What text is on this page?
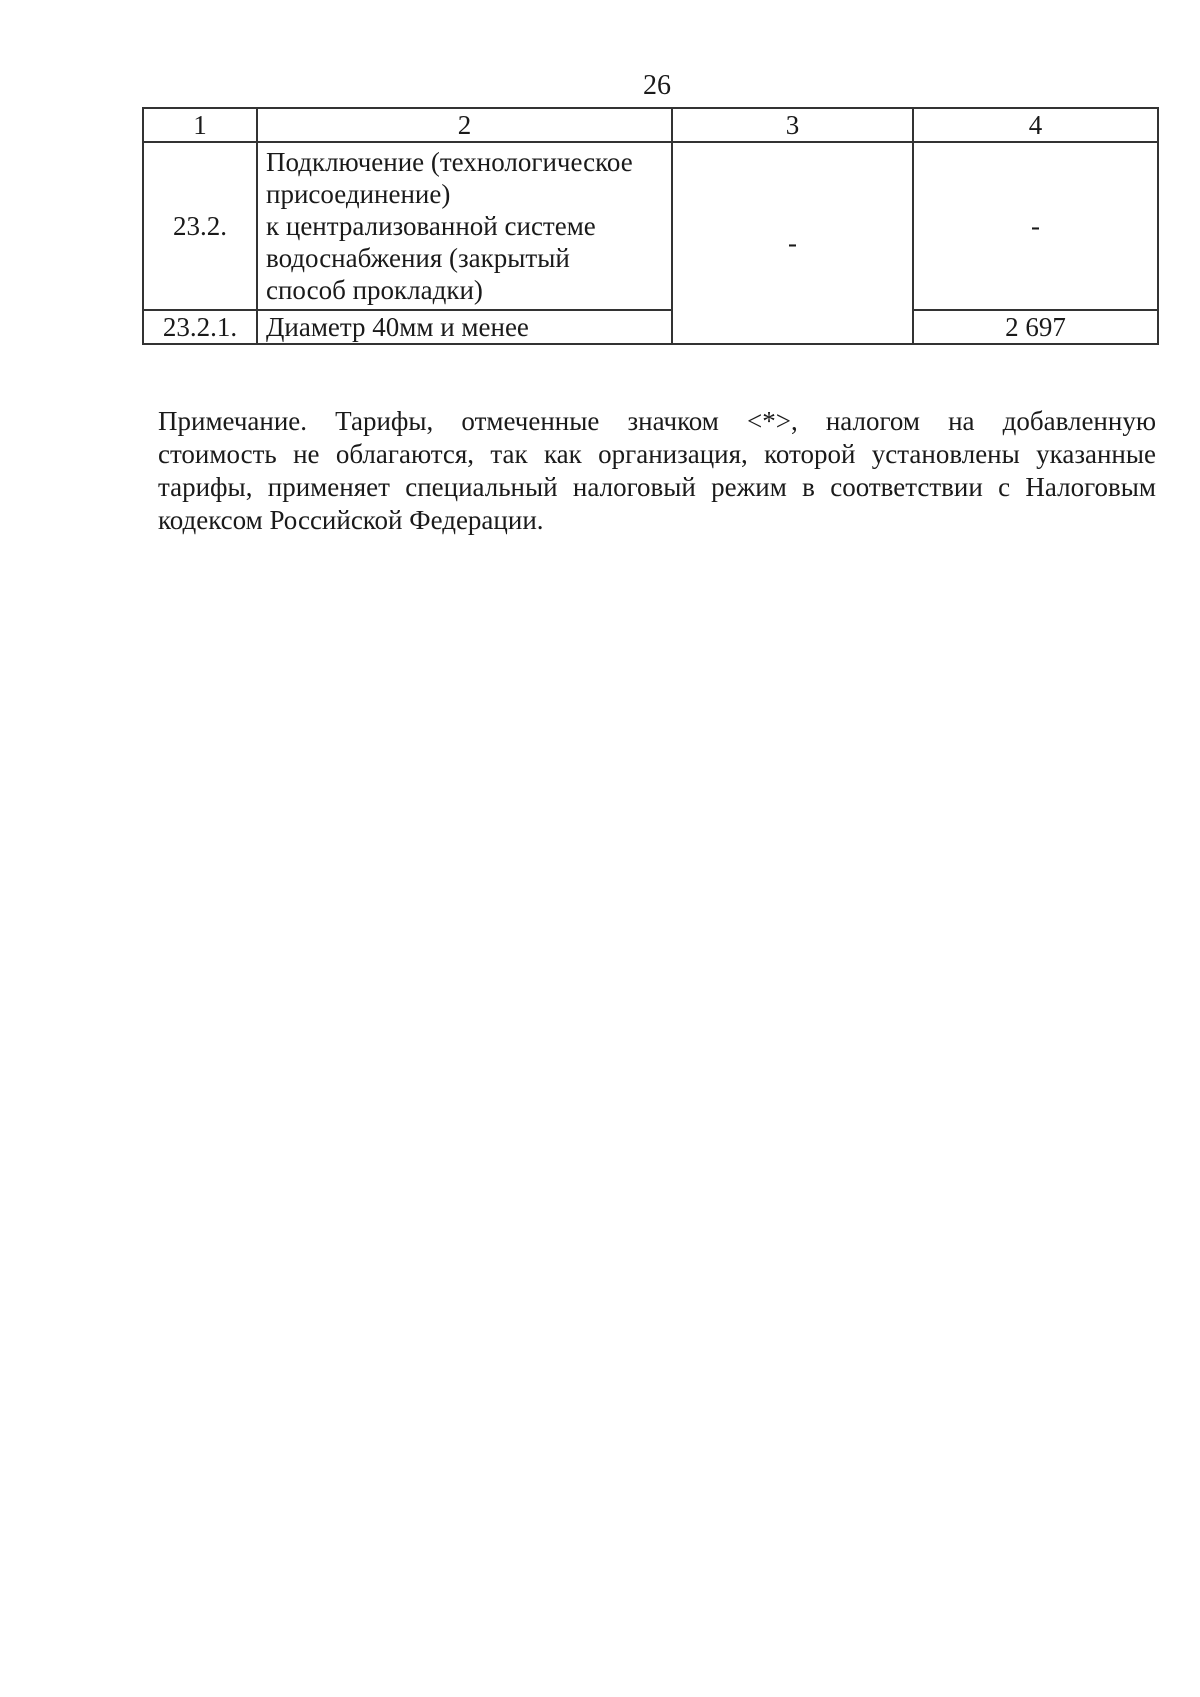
26
1	2	3	4
23.2.	Подключение (технологическое
присоединение)
к централизованной системе
водоснабжения (закрытый
способ прокладки)	-	-
23.2.1.	Диаметр 40мм и менее		2 697
Примечание. Тарифы, отмеченные значком <*>, налогом на добавленную
стоимость не облагаются, так как организация, которой установлены указанные
тарифы, применяет специальный налоговый режим в соответствии с Налоговым
кодексом Российской Федерации.
